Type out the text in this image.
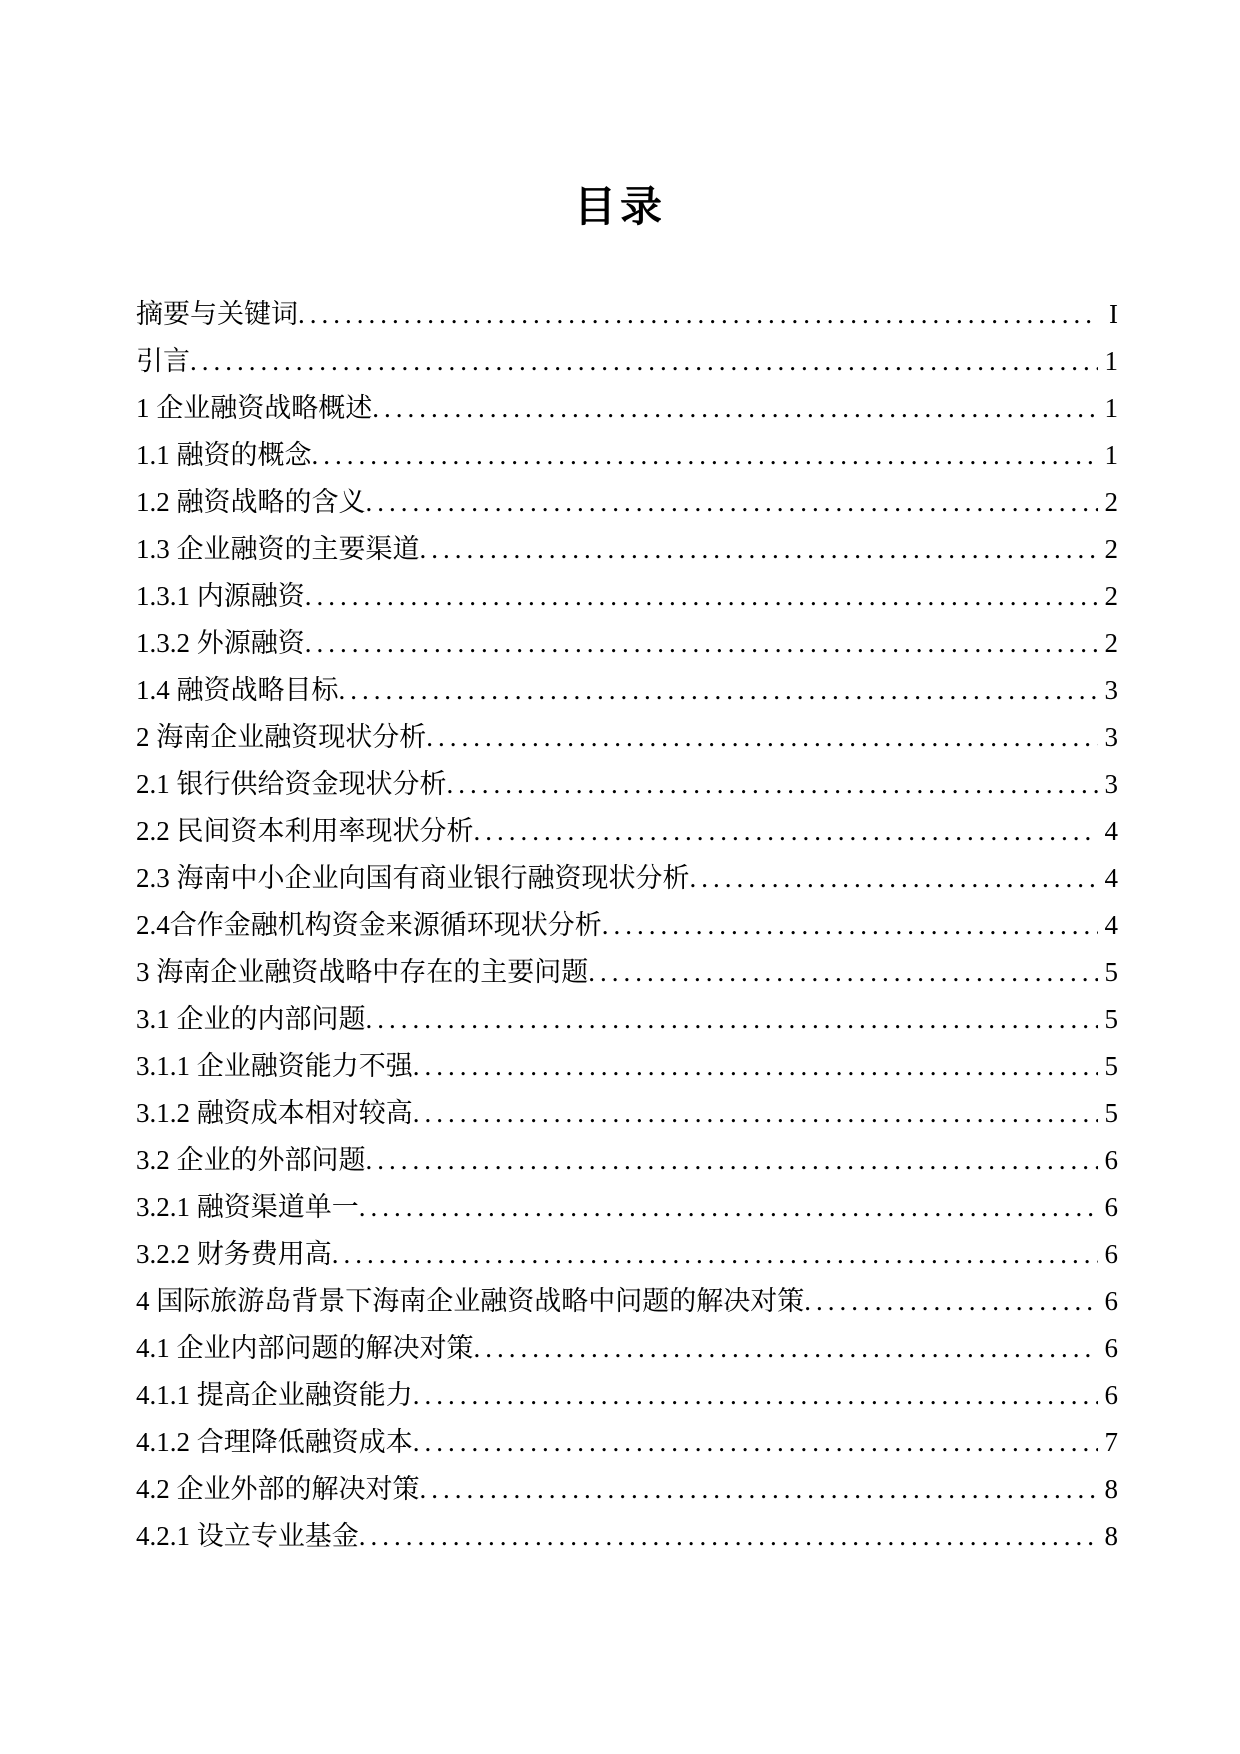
目录
摘要与关键词 .....	I
引言 .....	1
1 企业融资战略概述 .....	1
1.1 融资的概念 .....	1
1.2 融资战略的含义 .....	2
1.3 企业融资的主要渠道 .....	2
1.3.1 内源融资 .....	2
1.3.2 外源融资 .....	2
1.4 融资战略目标 .....	3
2 海南企业融资现状分析 .....	3
2.1 银行供给资金现状分析 .....	3
2.2 民间资本利用率现状分析 .....	4
2.3 海南中小企业向国有商业银行融资现状分析 .....	4
2.4合作金融机构资金来源循环现状分析 .....	4
3 海南企业融资战略中存在的主要问题 .....	5
3.1 企业的内部问题 .....	5
3.1.1 企业融资能力不强 .....	5
3.1.2 融资成本相对较高 .....	5
3.2 企业的外部问题 .....	6
3.2.1 融资渠道单一 .....	6
3.2.2 财务费用高 .....	6
4 国际旅游岛背景下海南企业融资战略中问题的解决对策 .....	6
4.1 企业内部问题的解决对策 .....	6
4.1.1 提高企业融资能力 .....	6
4.1.2 合理降低融资成本 .....	7
4.2 企业外部的解决对策 .....	8
4.2.1 设立专业基金 .....	8
